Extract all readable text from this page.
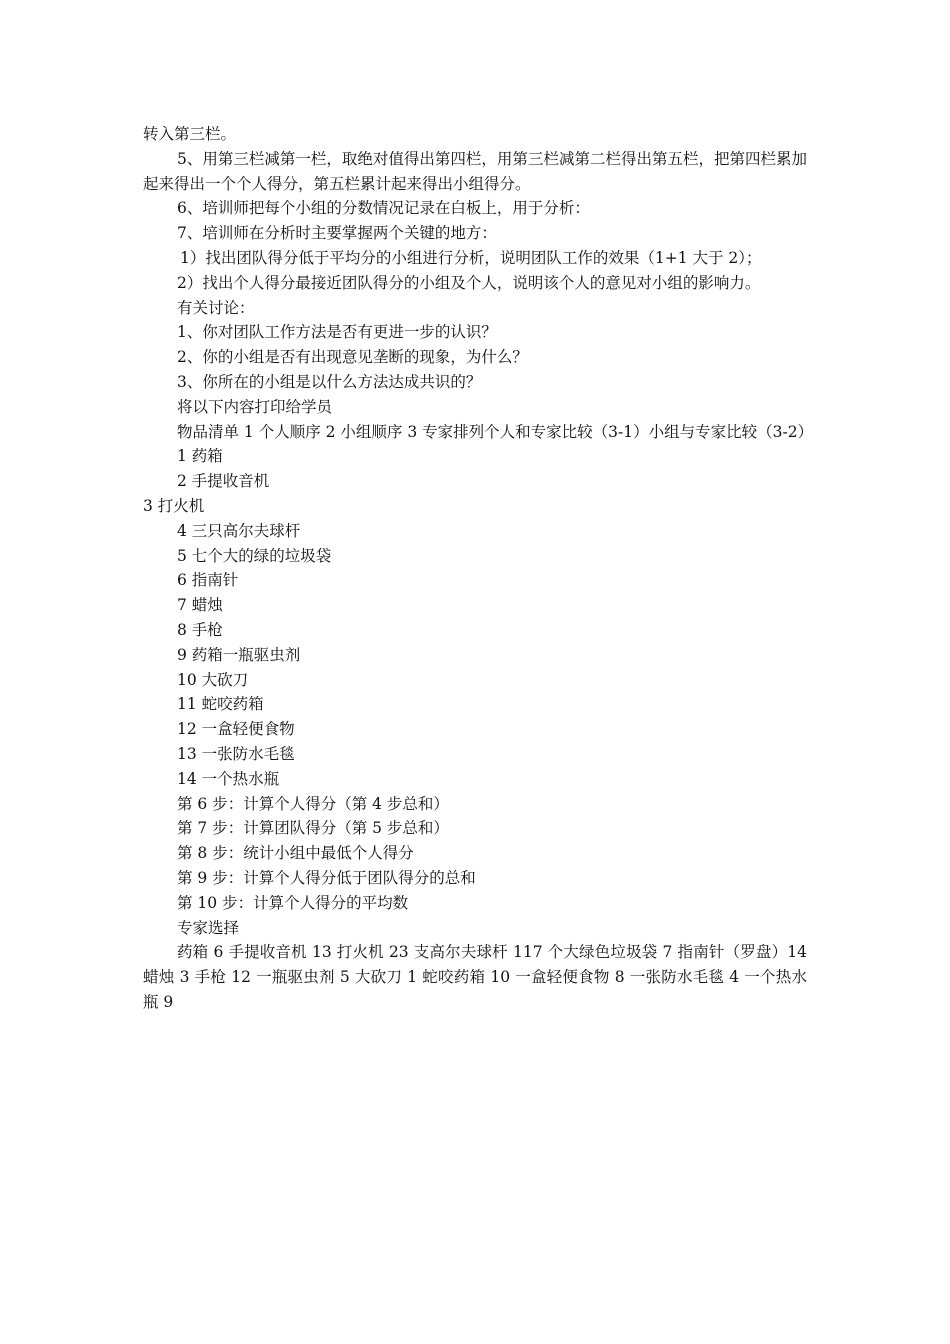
转入第三栏。

5、用第三栏减第一栏，取绝对值得出第四栏，用第三栏减第二栏得出第五栏，把第四栏累加起来得出一个个人得分，第五栏累计起来得出小组得分。

6、培训师把每个小组的分数情况记录在白板上，用于分析：

7、培训师在分析时主要掌握两个关键的地方：

1）找出团队得分低于平均分的小组进行分析，说明团队工作的效果（1+1 大于 2）；

2）找出个人得分最接近团队得分的小组及个人，说明该个人的意见对小组的影响力。

有关讨论：

1、你对团队工作方法是否有更进一步的认识？

2、你的小组是否有出现意见垄断的现象，为什么？

3、你所在的小组是以什么方法达成共识的？

将以下内容打印给学员

物品清单 1 个人顺序 2 小组顺序 3 专家排列个人和专家比较（3-1）小组与专家比较（3-2）

1 药箱

2 手提收音机

3 打火机

4 三只高尔夫球杆

5 七个大的绿的垃圾袋

6 指南针

7 蜡烛

8 手枪

9 药箱一瓶驱虫剂

10 大砍刀

11 蛇咬药箱

12 一盒轻便食物

13 一张防水毛毯

14 一个热水瓶

第 6 步：计算个人得分（第 4 步总和）

第 7 步：计算团队得分（第 5 步总和）

第 8 步：统计小组中最低个人得分

第 9 步：计算个人得分低于团队得分的总和

第 10 步：计算个人得分的平均数

专家选择

药箱 6 手提收音机 13 打火机 23 支高尔夫球杆 117 个大绿色垃圾袋 7 指南针（罗盘）14 蜡烛 3 手枪 12 一瓶驱虫剂 5 大砍刀 1 蛇咬药箱 10 一盒轻便食物 8 一张防水毛毯 4 一个热水瓶 9
